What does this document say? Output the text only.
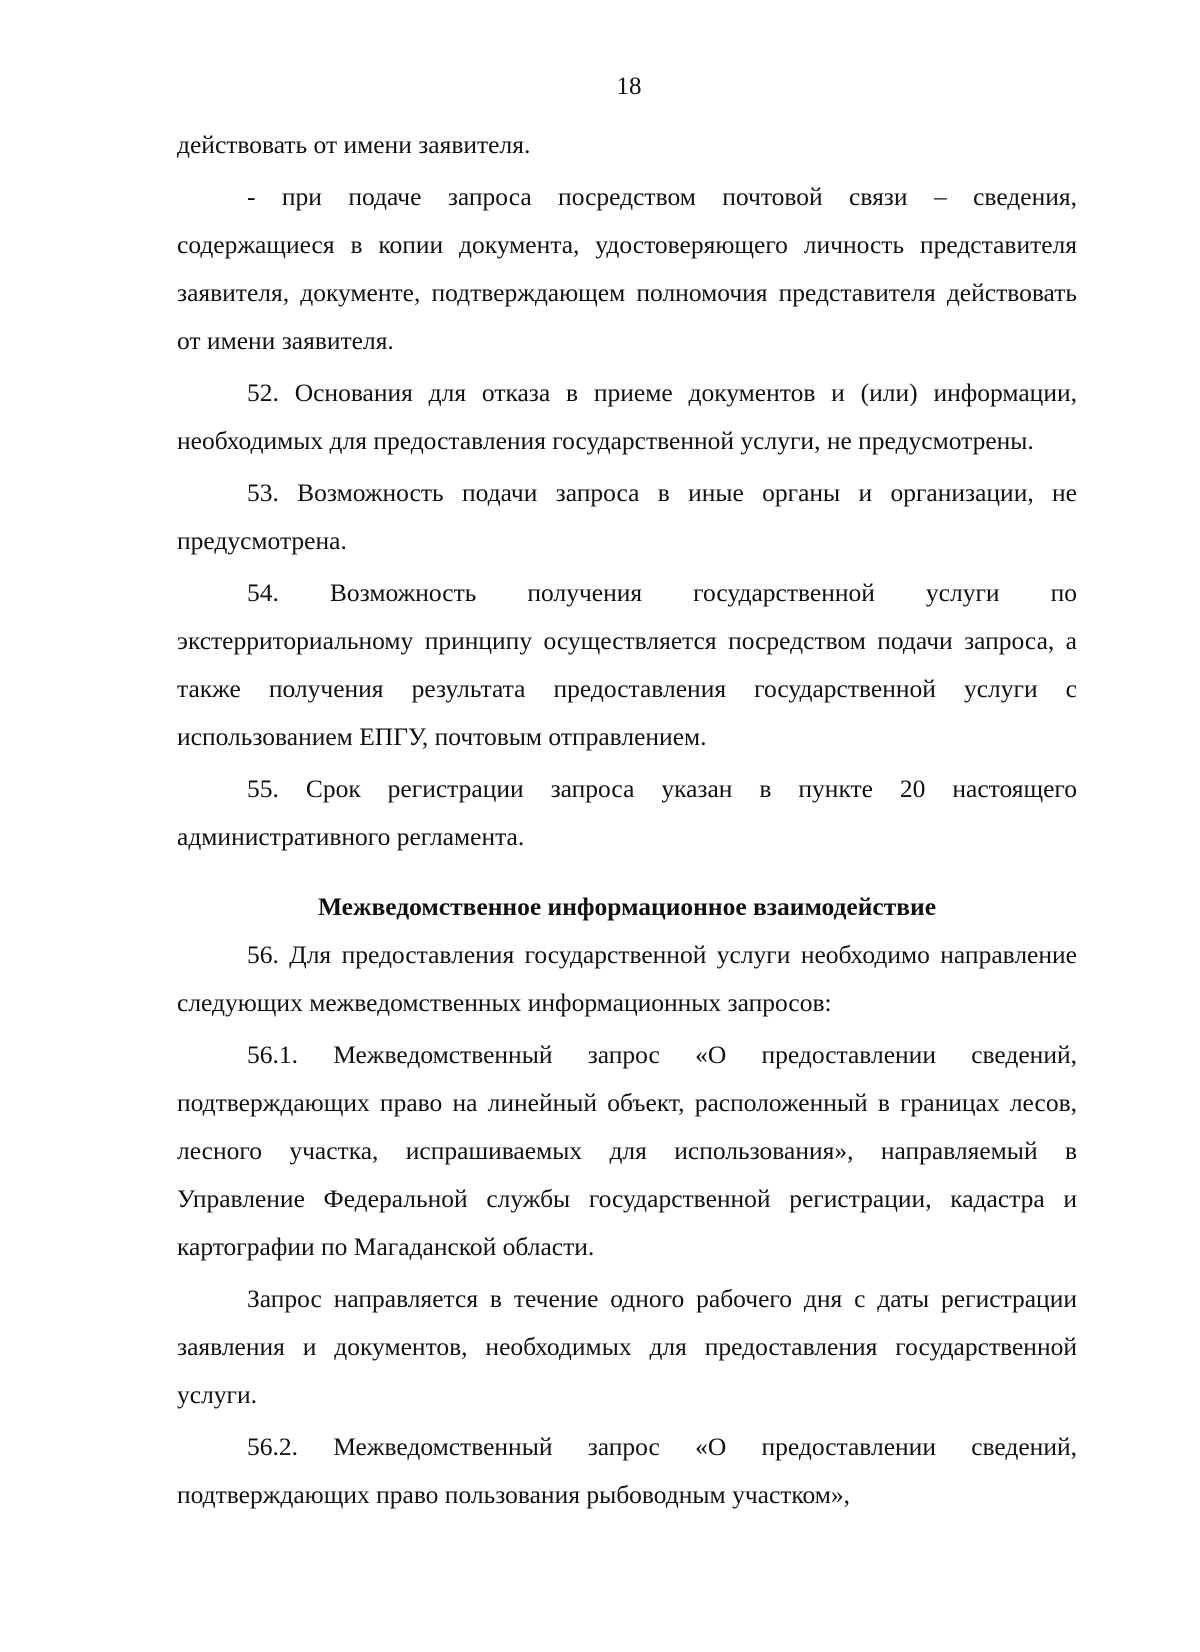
18

действовать от имени заявителя.

- при подаче запроса посредством почтовой связи – сведения, содержащиеся в копии документа, удостоверяющего личность представителя заявителя, документе, подтверждающем полномочия представителя действовать от имени заявителя.

52. Основания для отказа в приеме документов и (или) информации, необходимых для предоставления государственной услуги, не предусмотрены.

53. Возможность подачи запроса в иные органы и организации, не предусмотрена.

54. Возможность получения государственной услуги по экстерриториальному принципу осуществляется посредством подачи запроса, а также получения результата предоставления государственной услуги с использованием ЕПГУ, почтовым отправлением.

55. Срок регистрации запроса указан в пункте 20 настоящего административного регламента.

Межведомственное информационное взаимодействие

56. Для предоставления государственной услуги необходимо направление следующих межведомственных информационных запросов:

56.1. Межведомственный запрос «О предоставлении сведений, подтверждающих право на линейный объект, расположенный в границах лесов, лесного участка, испрашиваемых для использования», направляемый в Управление Федеральной службы государственной регистрации, кадастра и картографии по Магаданской области.

Запрос направляется в течение одного рабочего дня с даты регистрации заявления и документов, необходимых для предоставления государственной услуги.

56.2. Межведомственный запрос «О предоставлении сведений, подтверждающих право пользования рыбоводным участком»,
